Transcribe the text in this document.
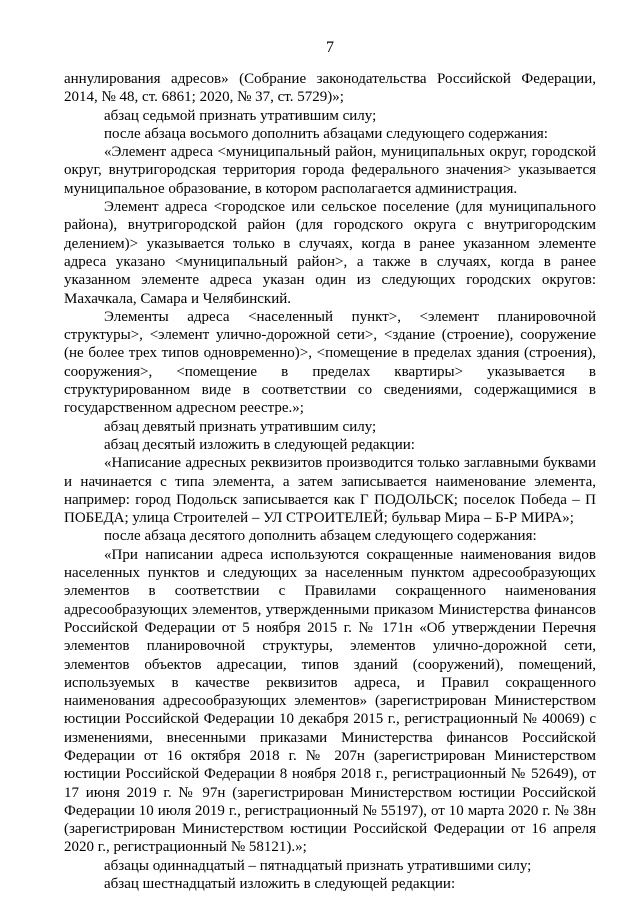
7

аннулирования адресов» (Собрание законодательства Российской Федерации, 2014, № 48, ст. 6861; 2020, № 37, ст. 5729)»;

абзац седьмой признать утратившим силу;

после абзаца восьмого дополнить абзацами следующего содержания:

«Элемент адреса <муниципальный район, муниципальных округ, городской округ, внутригородская территория города федерального значения> указывается муниципальное образование, в котором располагается администрация.

Элемент адреса <городское или сельское поселение (для муниципального района), внутригородской район (для городского округа с внутригородским делением)> указывается только в случаях, когда в ранее указанном элементе адреса указано <муниципальный район>, а также в случаях, когда в ранее указанном элементе адреса указан один из следующих городских округов: Махачкала, Самара и Челябинский.

Элементы адреса <населенный пункт>, <элемент планировочной структуры>, <элемент улично-дорожной сети>, <здание (строение), сооружение (не более трех типов одновременно)>, <помещение в пределах здания (строения), сооружения>, <помещение в пределах квартиры> указывается в структурированном виде в соответствии со сведениями, содержащимися в государственном адресном реестре.»;

абзац девятый признать утратившим силу;

абзац десятый изложить в следующей редакции:

«Написание адресных реквизитов производится только заглавными буквами и начинается с типа элемента, а затем записывается наименование элемента, например: город Подольск записывается как Г ПОДОЛЬСК; поселок Победа – П ПОБЕДА; улица Строителей – УЛ СТРОИТЕЛЕЙ; бульвар Мира – Б-Р МИРА»;

после абзаца десятого дополнить абзацем следующего содержания:

«При написании адреса используются сокращенные наименования видов населенных пунктов и следующих за населенным пунктом адресообразующих элементов в соответствии с Правилами сокращенного наименования адресообразующих элементов, утвержденными приказом Министерства финансов Российской Федерации от 5 ноября 2015 г. № 171н «Об утверждении Перечня элементов планировочной структуры, элементов улично-дорожной сети, элементов объектов адресации, типов зданий (сооружений), помещений, используемых в качестве реквизитов адреса, и Правил сокращенного наименования адресообразующих элементов» (зарегистрирован Министерством юстиции Российской Федерации 10 декабря 2015 г., регистрационный № 40069) с изменениями, внесенными приказами Министерства финансов Российской Федерации от 16 октября 2018 г. № 207н (зарегистрирован Министерством юстиции Российской Федерации 8 ноября 2018 г., регистрационный № 52649), от 17 июня 2019 г. № 97н (зарегистрирован Министерством юстиции Российской Федерации 10 июля 2019 г., регистрационный № 55197), от 10 марта 2020 г. № 38н (зарегистрирован Министерством юстиции Российской Федерации от 16 апреля 2020 г., регистрационный № 58121).»;

абзацы одиннадцатый – пятнадцатый признать утратившими силу;

абзац шестнадцатый изложить в следующей редакции:
